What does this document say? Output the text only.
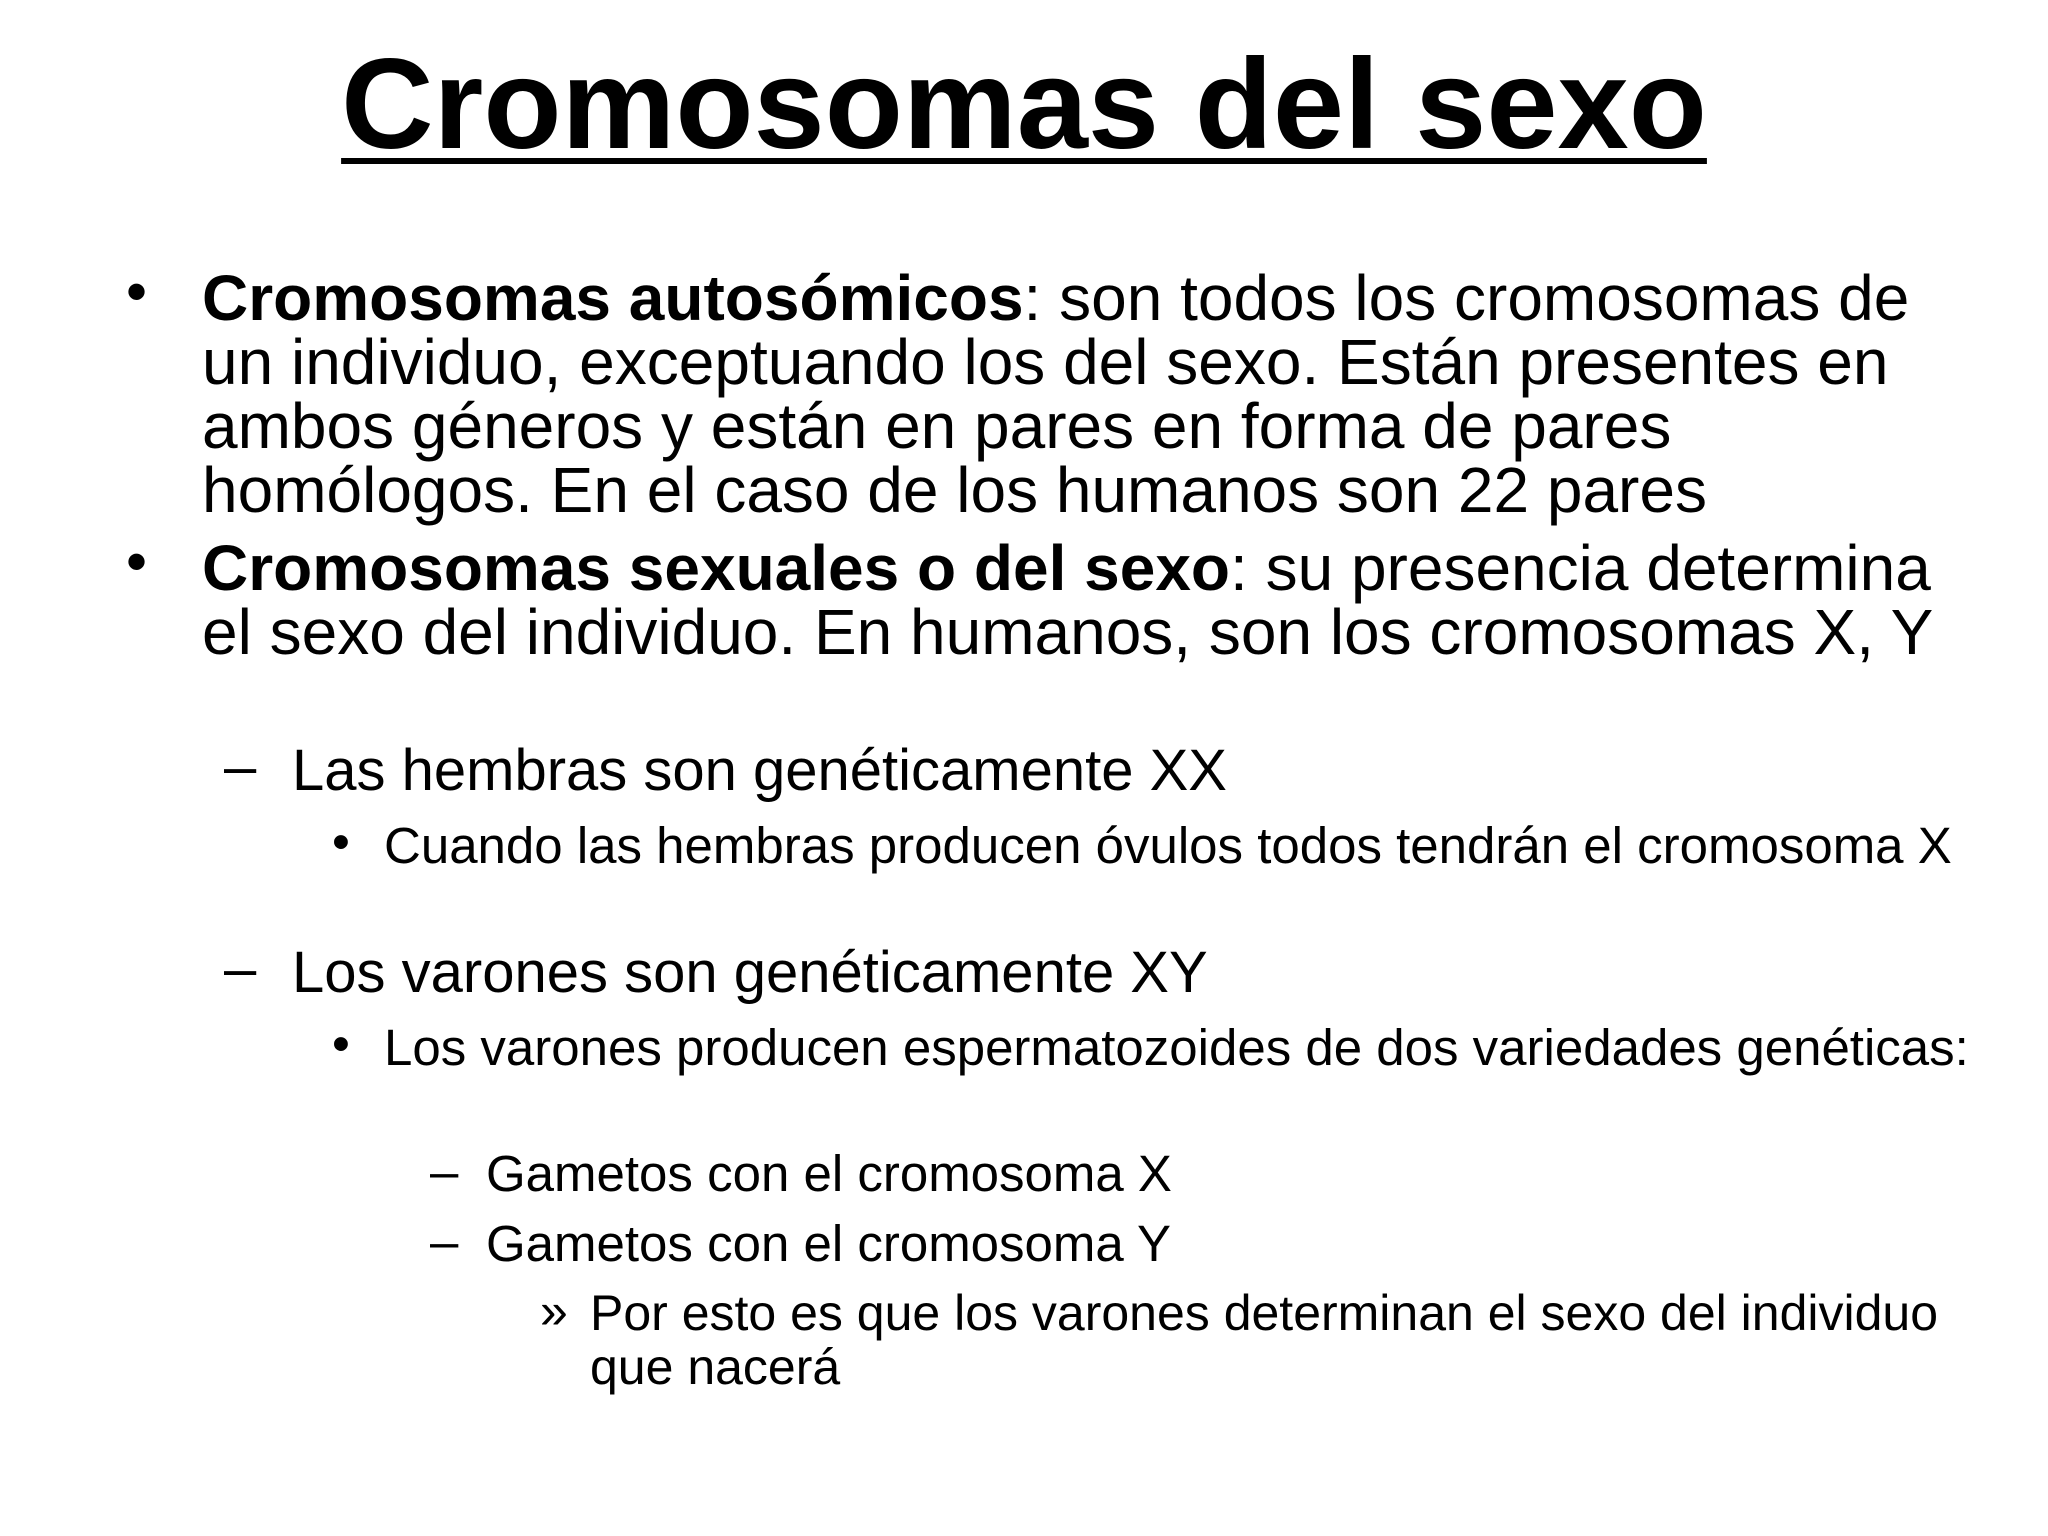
Cromosomas del sexo

• Cromosomas autosómicos: son todos los cromosomas de un individuo, exceptuando los del sexo. Están presentes en ambos géneros y están en pares en forma de pares homólogos. En el caso de los humanos son 22 pares

• Cromosomas sexuales o del sexo: su presencia determina el sexo del individuo. En humanos, son los cromosomas X, Y

– Las hembras son genéticamente XX

• Cuando las hembras producen óvulos todos tendrán el cromosoma X

– Los varones son genéticamente XY

• Los varones producen espermatozoides de dos variedades genéticas:

– Gametos con el cromosoma X

– Gametos con el cromosoma Y

» Por esto es que los varones determinan el sexo del individuo que nacerá
